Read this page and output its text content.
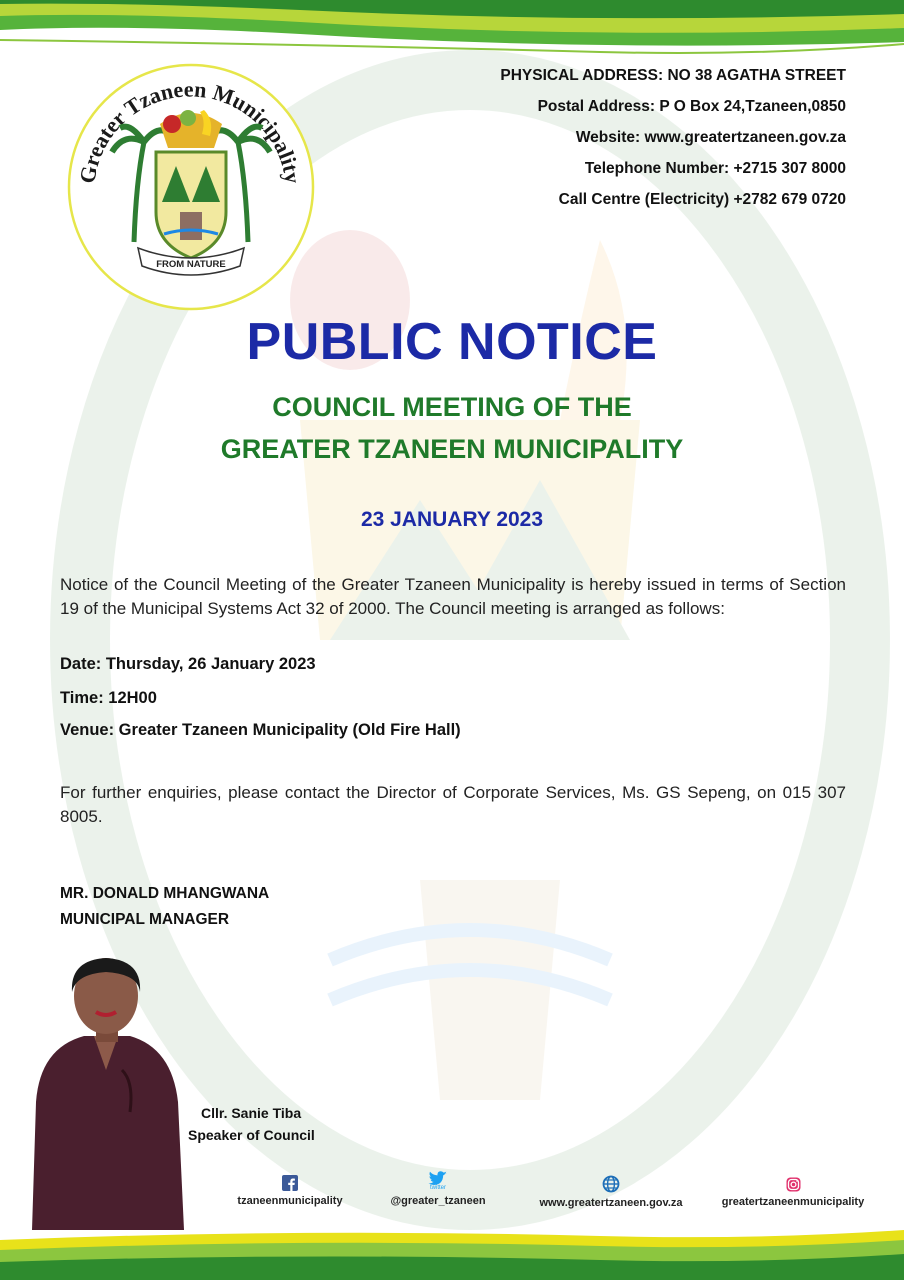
Greater Tzaneen Municipality
FROM NATURE
PHYSICAL ADDRESS: NO 38 AGATHA STREET
Postal Address: P O Box 24,Tzaneen,0850
Website: www.greatertzaneen.gov.za
Telephone Number: +2715 307 8000
Call Centre (Electricity) +2782 679 0720
PUBLIC NOTICE
COUNCIL MEETING OF THE
GREATER TZANEEN MUNICIPALITY
23 JANUARY 2023
Notice of the Council Meeting of the Greater Tzaneen Municipality is hereby issued in terms of Section 19 of the Municipal Systems Act 32 of 2000. The Council meeting is arranged as follows:
Date: Thursday, 26 January 2023
Time: 12H00
Venue: Greater Tzaneen Municipality (Old Fire Hall)
For further enquiries, please contact the Director of Corporate Services, Ms. GS Sepeng, on 015 307 8005.
MR. DONALD MHANGWANA
MUNICIPAL MANAGER
Cllr. Sanie Tiba
Speaker of Council
tzaneenmunicipality
twitter
@greater_tzaneen	www.greatertzaneen.gov.za	greatertzaneenmunicipality
